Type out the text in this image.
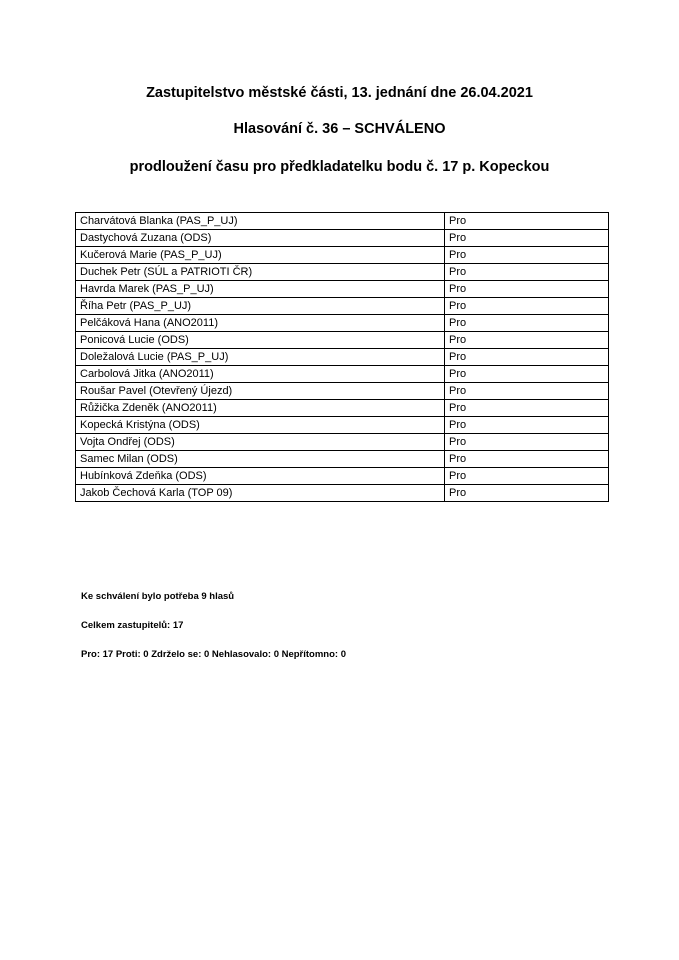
Zastupitelstvo městské části, 13. jednání dne 26.04.2021
Hlasování č. 36 – SCHVÁLENO
prodloužení času pro předkladatelku bodu č. 17 p. Kopeckou
Charvátová Blanka (PAS_P_UJ)	Pro
Dastychová Zuzana (ODS)	Pro
Kučerová Marie (PAS_P_UJ)	Pro
Duchek Petr (SÚL a PATRIOTI ČR)	Pro
Havrda Marek (PAS_P_UJ)	Pro
Říha Petr (PAS_P_UJ)	Pro
Pelčáková Hana (ANO2011)	Pro
Ponicová Lucie (ODS)	Pro
Doležalová Lucie (PAS_P_UJ)	Pro
Carbolová Jitka (ANO2011)	Pro
Roušar Pavel (Otevřený Újezd)	Pro
Růžička Zdeněk (ANO2011)	Pro
Kopecká Kristýna (ODS)	Pro
Vojta Ondřej (ODS)	Pro
Samec Milan (ODS)	Pro
Hubínková Zdeňka (ODS)	Pro
Jakob Čechová Karla (TOP 09)	Pro
Ke schválení bylo potřeba 9 hlasů
Celkem zastupitelů: 17
Pro: 17 Proti: 0 Zdrželo se: 0 Nehlasovalo: 0 Nepřítomno: 0
